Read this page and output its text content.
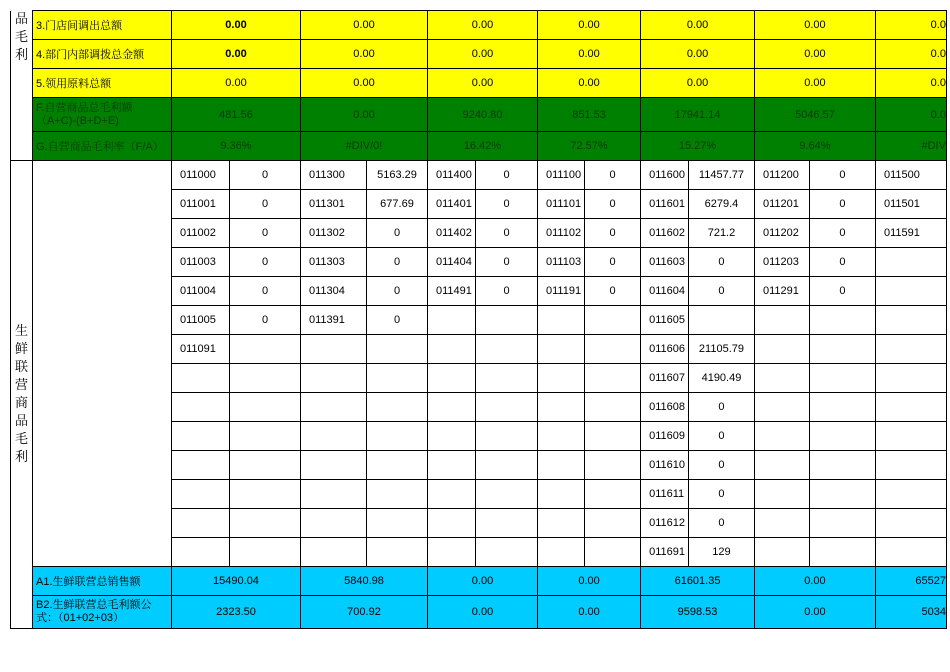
品毛利	3.门店间调出总额	0.00		0.00		0.00		0.00		0.00		0.00		0.0
	4.部门内部调拨总金额	0.00		0.00		0.00		0.00		0.00		0.00		0.0
	5.领用原料总额	0.00		0.00		0.00		0.00		0.00		0.00		0.0
	F.自营商品总毛利额（A+C)-(B+D+E)	481.56		0.00		9240.80		851.53		17941.14		5046.57		0.0
	G.自营商品毛利率（F/A）	9.36%		#DIV/0!		16.42%		72.57%		15.27%		9.64%		#DIV
生鲜联营商品毛利		011000	0	011300	5163.29	011400	0	011100	0	011600	11457.77	011200	0	011500
		011001	0	011301	677.69	011401	0	011101	0	011601	6279.4	011201	0	011501
		011002	0	011302	0	011402	0	011102	0	011602	721.2	011202	0	011591
		011003	0	011303	0	011404	0	011103	0	011603	0	011203	0	
		011004	0	011304	0	011491	0	011191	0	011604	0	011291	0	
		011005	0	011391	0					011605				
		011091								011606	21105.79			
										011607	4190.49			
										011608	0			
										011609	0			
										011610	0			
										011611	0			
										011612	0			
										011691	129			
	A1.生鲜联营总销售额	15490.04		5840.98		0.00		0.00		61601.35		0.00		65527
	B2.生鲜联营总毛利额公式：（01+02+03）	2323.50		700.92		0.00		0.00		9598.53		0.00		5034
